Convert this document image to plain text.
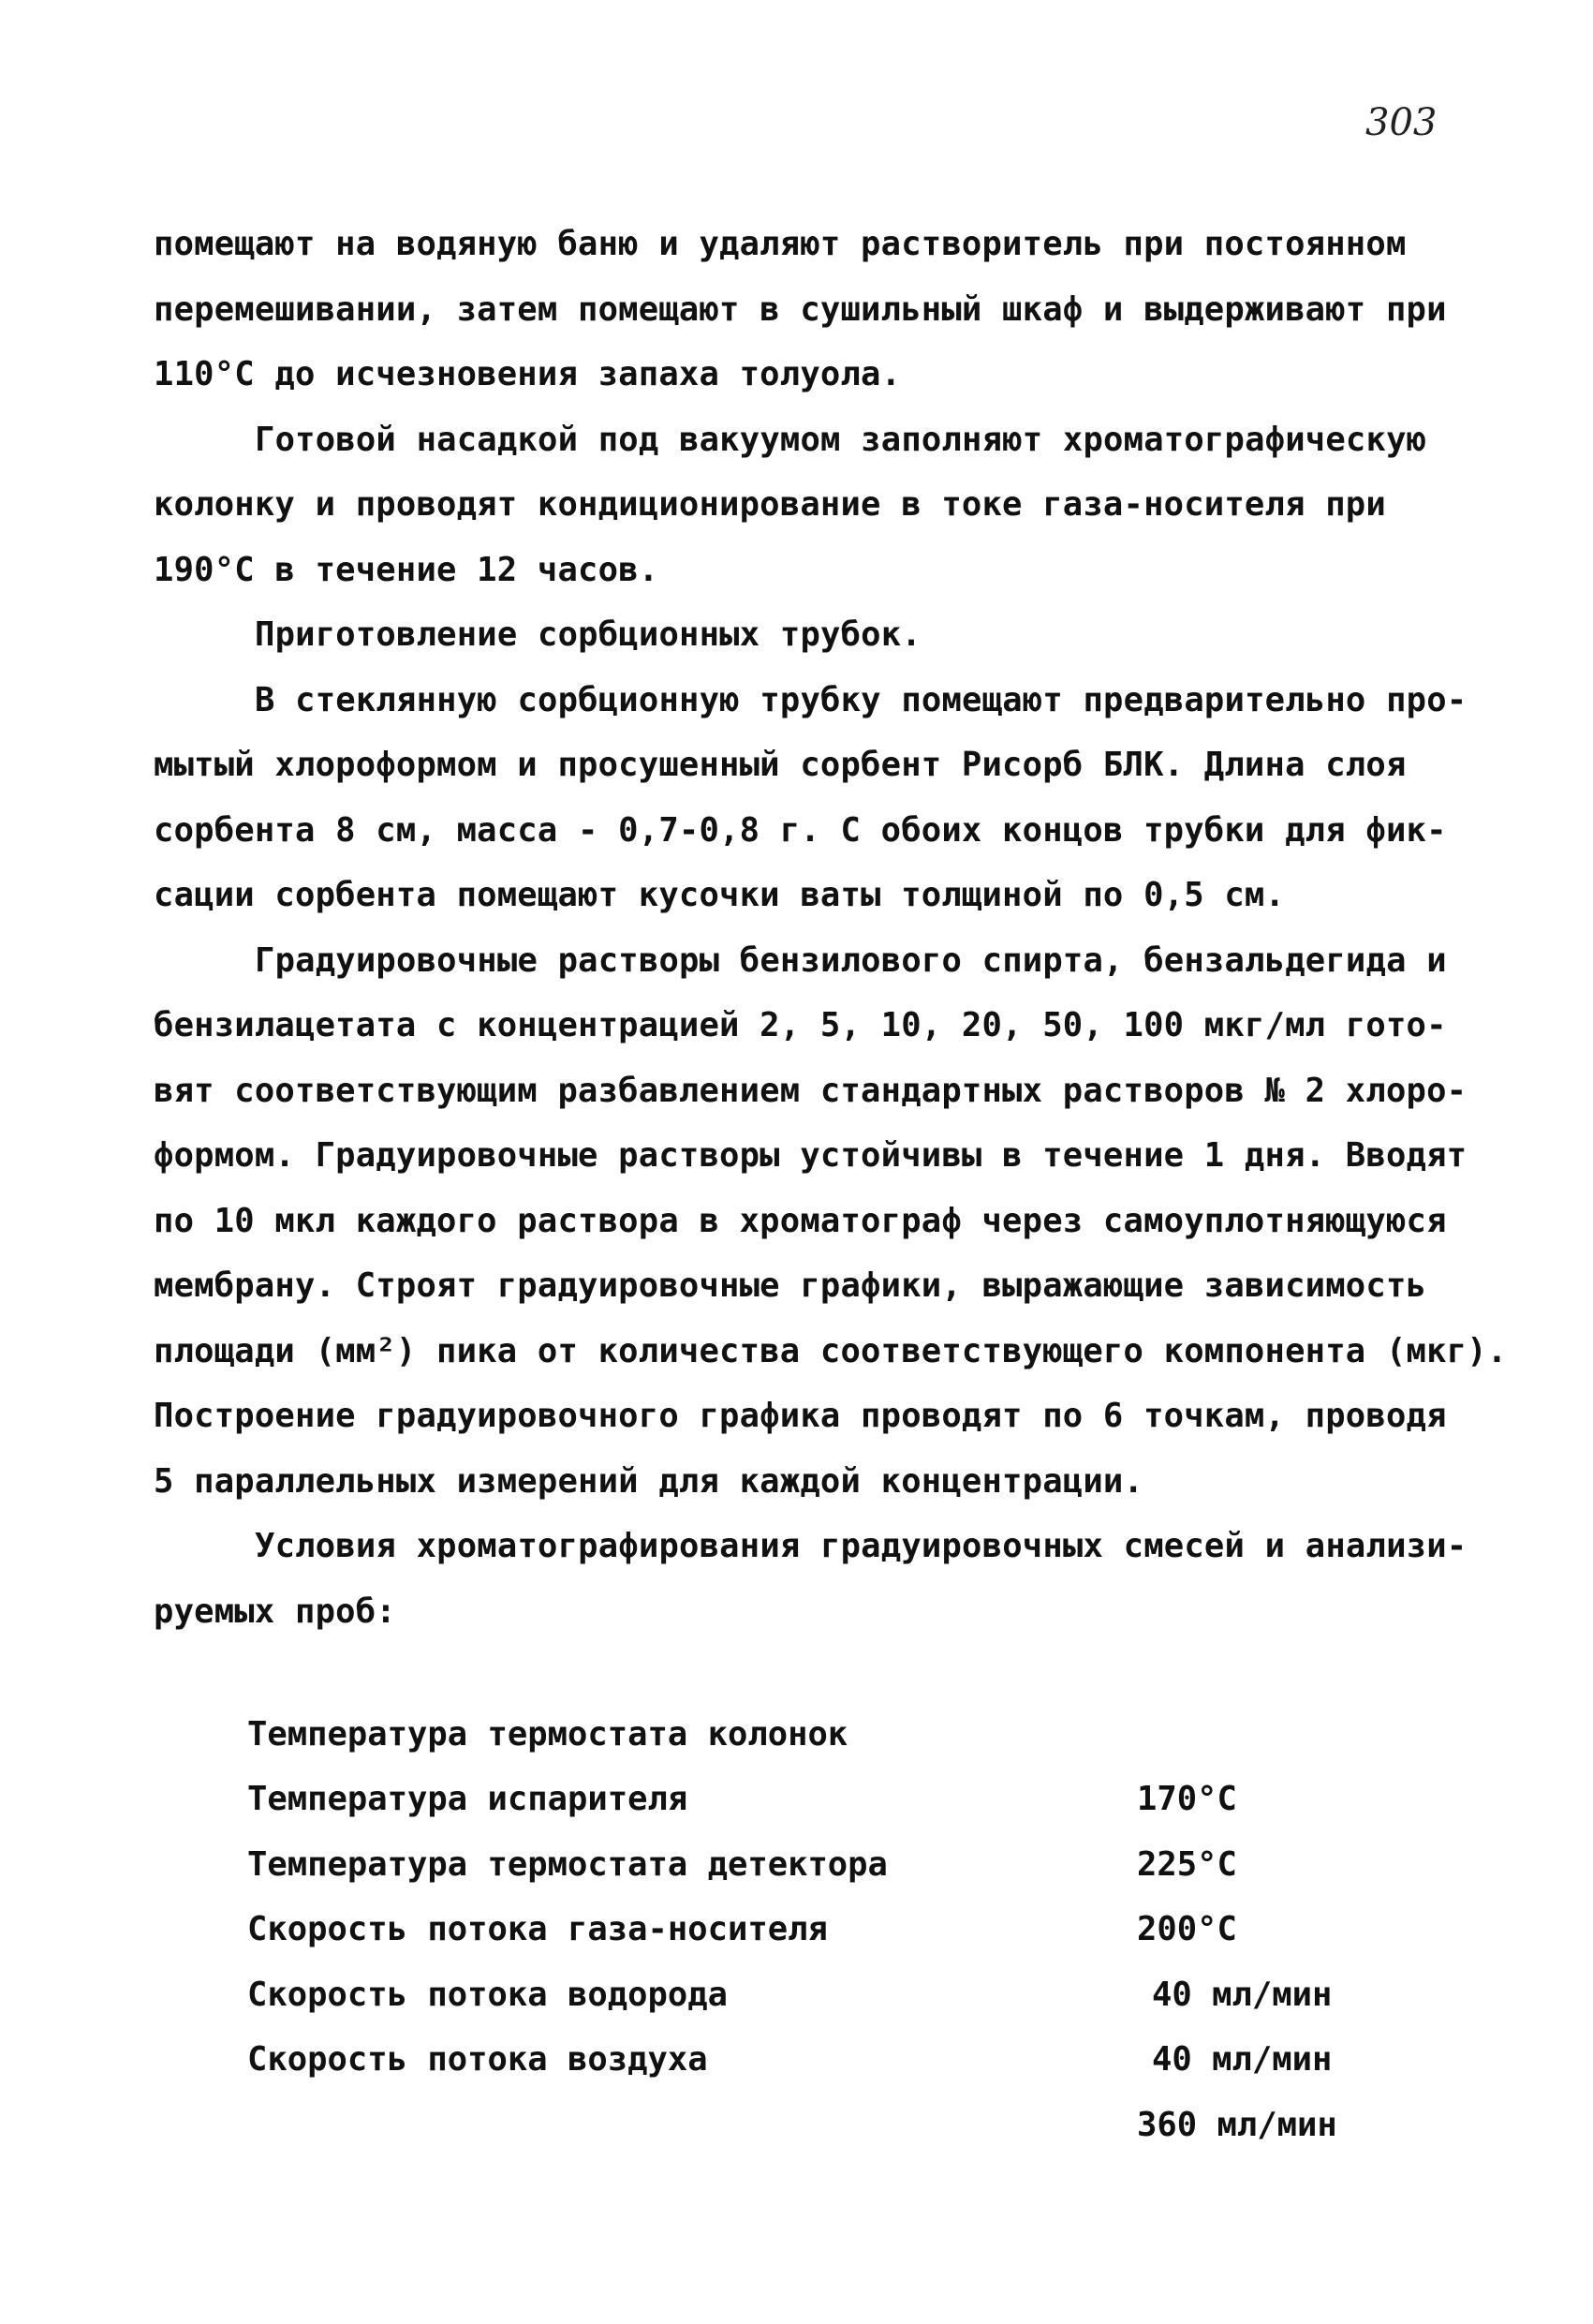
303
помещают на водяную баню и удаляют растворитель при постоянном
перемешивании, затем помещают в сушильный шкаф и выдерживают при
110°С до исчезновения запаха толуола.
Готовой насадкой под вакуумом заполняют хроматографическую
колонку и проводят кондиционирование в токе газа-носителя при
190°С в течение 12 часов.
Приготовление сорбционных трубок.
В стеклянную сорбционную трубку помещают предварительно про-
мытый хлороформом и просушенный сорбент Рисорб БЛК. Длина слоя
сорбента 8 см, масса - 0,7-0,8 г. С обоих концов трубки для фик-
сации сорбента помещают кусочки ваты толщиной по 0,5 см.
Градуировочные растворы бензилового спирта, бензальдегида и
бензилацетата с концентрацией 2, 5, 10, 20, 50, 100 мкг/мл гото-
вят соответствующим разбавлением стандартных растворов № 2 хлоро-
формом. Градуировочные растворы устойчивы в течение 1 дня. Вводят
по 10 мкл каждого раствора в хроматограф через самоуплотняющуюся
мембрану. Строят градуировочные графики, выражающие зависимость
площади (мм²) пика от количества соответствующего компонента (мкг).
Построение градуировочного графика проводят по 6 точкам, проводя
5 параллельных измерений для каждой концентрации.
Условия хроматографирования градуировочных смесей и анализи-
руемых проб:

Температура термостата колонок

170°С

Температура испарителя

225°С

Температура термостата детектора

200°С

Скорость потока газа-носителя

40 мл/мин

Скорость потока водорода

40 мл/мин

Скорость потока воздуха

360 мл/мин
